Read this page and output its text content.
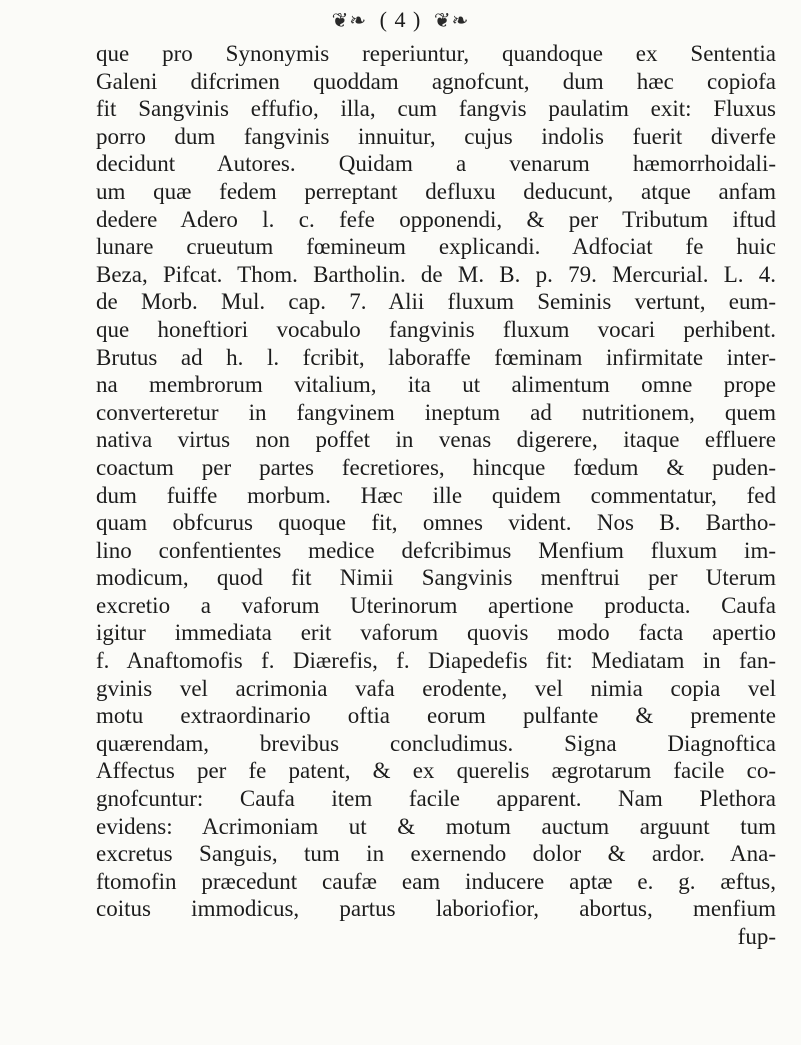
❦❧ ( 4 ) ❦❧
que pro Synonymis reperiuntur, quandoque ex Sententia
Galeni difcrimen quoddam agnofcunt, dum hæc copiofa
fit Sangvinis effufio, illa, cum fangvis paulatim exit: Fluxus
porro dum fangvinis innuitur, cujus indolis fuerit diverfe
decidunt Autores. Quidam a venarum hæmorrhoidali-
um quæ fedem perreptant defluxu deducunt, atque anfam
dedere Adero l. c. fefe opponendi, & per Tributum iftud
lunare crueutum fœmineum explicandi. Adfociat fe huic
Beza, Pifcat. Thom. Bartholin. de M. B. p. 79. Mercurial. L. 4.
de Morb. Mul. cap. 7. Alii fluxum Seminis vertunt, eum-
que honeftiori vocabulo fangvinis fluxum vocari perhibent.
Brutus ad h. l. fcribit, laboraffe fœminam infirmitate inter-
na membrorum vitalium, ita ut alimentum omne prope
converteretur in fangvinem ineptum ad nutritionem, quem
nativa virtus non poffet in venas digerere, itaque effluere
coactum per partes fecretiores, hincque fœdum & puden-
dum fuiffe morbum. Hæc ille quidem commentatur, fed
quam obfcurus quoque fit, omnes vident. Nos B. Bartho-
lino confentientes medice defcribimus Menfium fluxum im-
modicum, quod fit Nimii Sangvinis menftrui per Uterum
excretio a vaforum Uterinorum apertione producta. Caufa
igitur immediata erit vaforum quovis modo facta apertio
f. Anaftomofis f. Diærefis, f. Diapedefis fit: Mediatam in fan-
gvinis vel acrimonia vafa erodente, vel nimia copia vel
motu extraordinario oftia eorum pulfante & premente
quærendam, brevibus concludimus. Signa Diagnoftica
Affectus per fe patent, & ex querelis ægrotarum facile co-
gnofcuntur: Caufa item facile apparent. Nam Plethora
evidens: Acrimoniam ut & motum auctum arguunt tum
excretus Sanguis, tum in exernendo dolor & ardor. Ana-
ftomofin præcedunt caufæ eam inducere aptæ e. g. æftus,
coitus immodicus, partus laboriofior, abortus, menfium
fup-
